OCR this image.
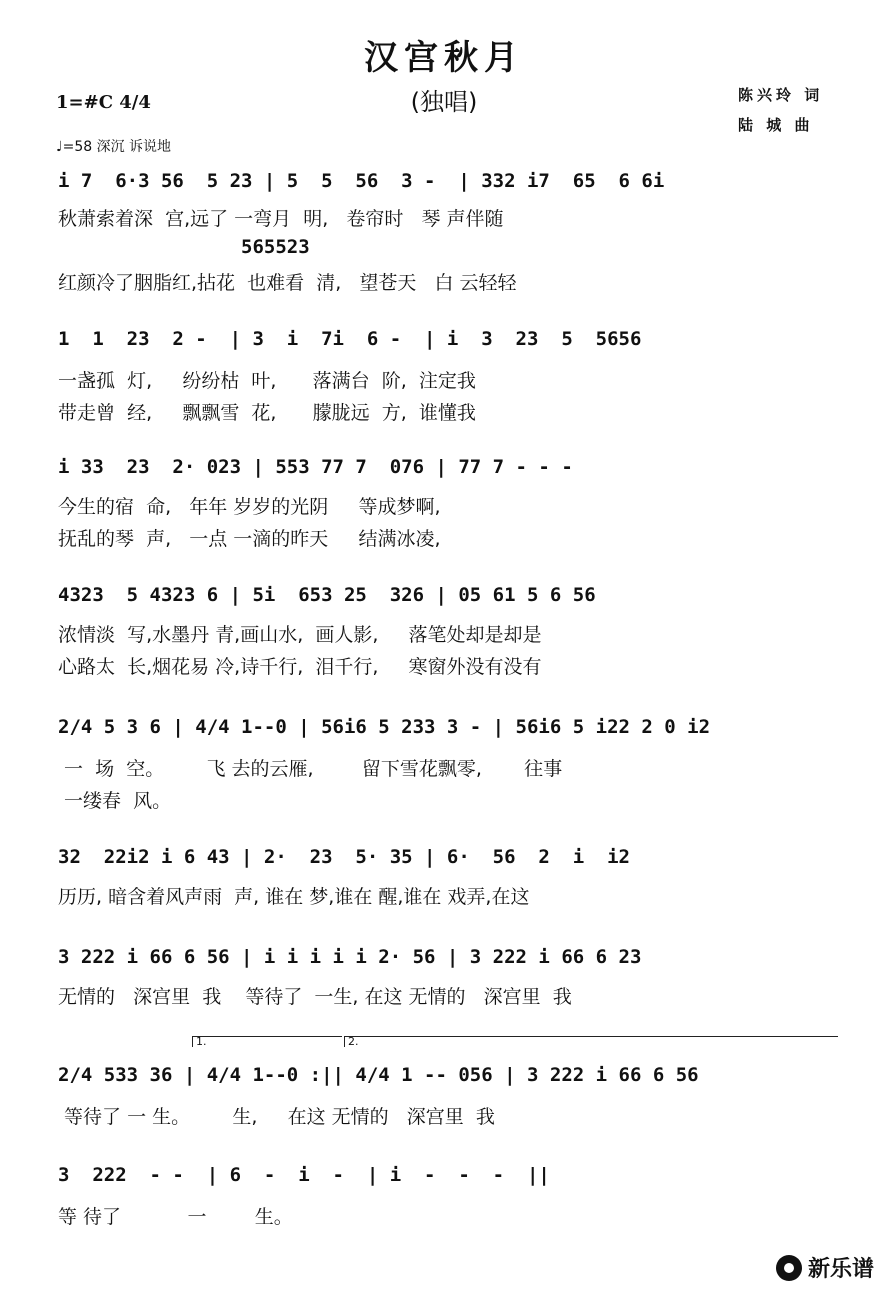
汉宫秋月
(独唱)	陈兴玲 词
陆 城 曲
1=#C 4/4
♩=58 深沉 诉说地
i 7  6·3 56  5 23 | 5  5  56  3 -  | 332 i7  65  6 6i
秋萧索着深  宫,远了 一弯月  明,   卷帘时   琴 声伴随
565523
红颜冷了胭脂红,拈花  也难看  清,   望苍天   白 云轻轻
1  1  23  2 -  | 3  i  7i  6 -  | i  3  23  5  5656
一盏孤  灯,     纷纷枯  叶,      落满台  阶,  注定我
带走曾  经,     飘飘雪  花,      朦胧远  方,  谁懂我
i 33  23  2· 023 | 553 77 7  076 | 77 7 - - -
今生的宿  命,   年年 岁岁的光阴     等成梦啊,
抚乱的琴  声,   一点 一滴的昨天     结满冰凌,
4323  5 4323 6 | 5i  653 25  326 | 05 61 5 6 56
浓情淡  写,水墨丹 青,画山水,  画人影,     落笔处却是却是
心路太  长,烟花易 冷,诗千行,  泪千行,     寒窗外没有没有
2/4 5 3 6 | 4/4 1--0 | 56i6 5 233 3 - | 56i6 5 i22 2 0 i2
一  场  空。       飞 去的云雁,        留下雪花飘零,       往事
一缕春  风。
32  22i2 i 6 43 | 2·  23  5· 35 | 6·  56  2  i  i2
历历, 暗含着风声雨  声, 谁在 梦,谁在 醒,谁在 戏弄,在这
3 222 i 66 6 56 | i i i i i 2· 56 | 3 222 i 66 6 23
无情的   深宫里  我    等待了  一生, 在这 无情的   深宫里  我
1.	2.
2/4 533 36 | 4/4 1--0 :|| 4/4 1 -- 056 | 3 222 i 66 6 56
等待了 一 生。       生,     在这 无情的   深宫里  我
3  222  - -  | 6  -  i  -  | i  -  -  -  ||
等 待了           一        生。
新乐谱
